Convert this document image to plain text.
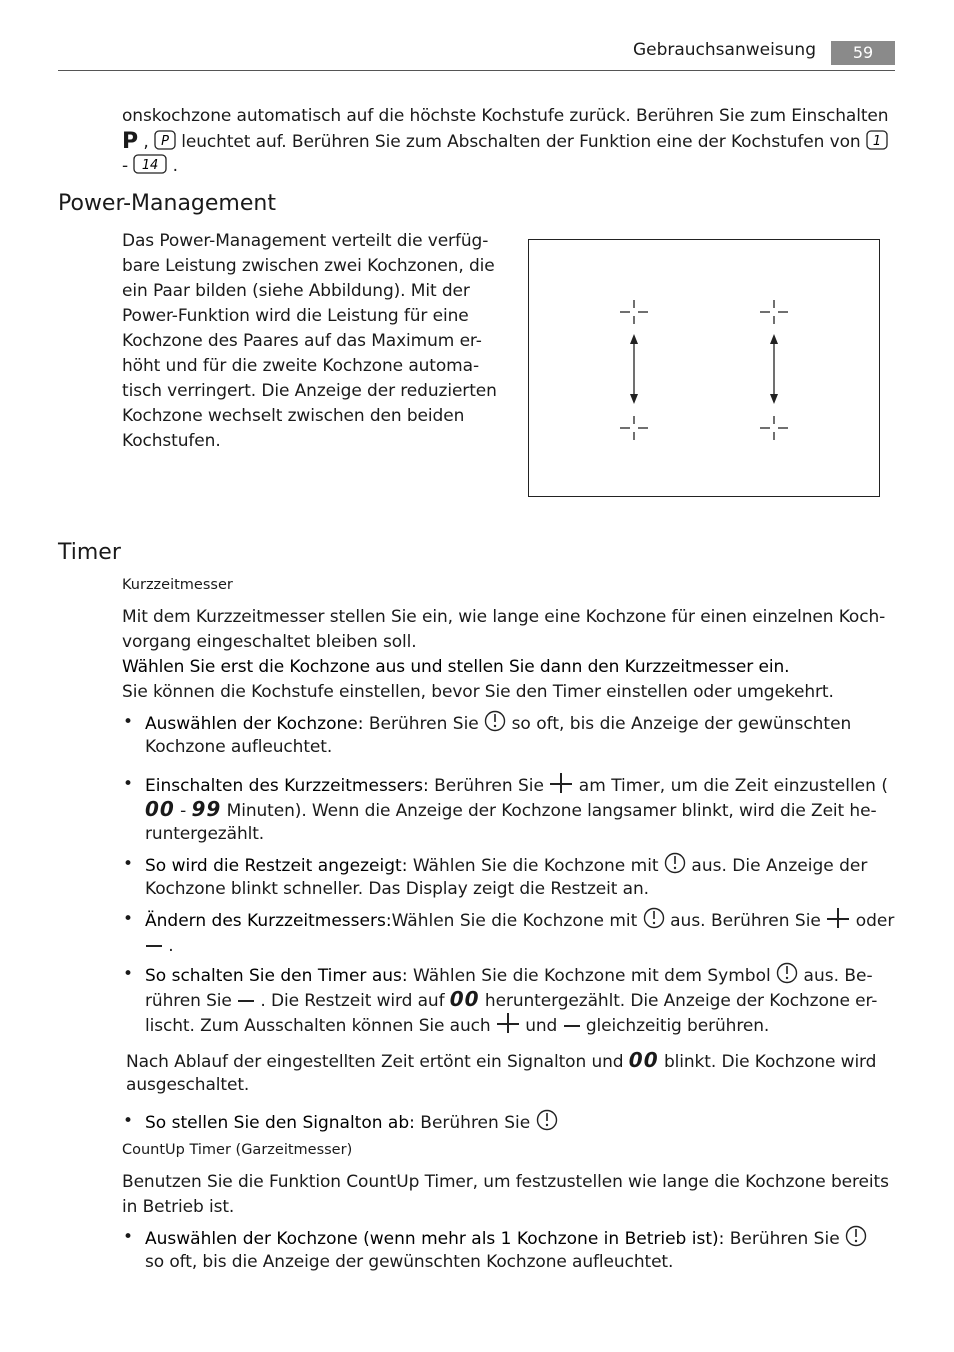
Gebrauchsanweisung	59
onskochzone automatisch auf die höchste Kochstufe zurück. Berühren Sie zum Einschalten
P , P leuchtet auf. Berühren Sie zum Abschalten der Funktion eine der Kochstufen von 1
- 14 .
Power-Management
Das Power-Management verteilt die verfüg-
bare Leistung zwischen zwei Kochzonen, die
ein Paar bilden (siehe Abbildung). Mit der
Power-Funktion wird die Leistung für eine
Kochzone des Paares auf das Maximum er-
höht und für die zweite Kochzone automa-
tisch verringert. Die Anzeige der reduzierten
Kochzone wechselt zwischen den beiden
Kochstufen.
Timer
Kurzzeitmesser
Mit dem Kurzzeitmesser stellen Sie ein, wie lange eine Kochzone für einen einzelnen Koch-
vorgang eingeschaltet bleiben soll.
Wählen Sie erst die Kochzone aus und stellen Sie dann den Kurzzeitmesser ein.
Sie können die Kochstufe einstellen, bevor Sie den Timer einstellen oder umgekehrt.
• Auswählen der Kochzone: Berühren Sie  so oft, bis die Anzeige der gewünschten
Kochzone aufleuchtet.
• Einschalten des Kurzzeitmessers: Berühren Sie  am Timer, um die Zeit einzustellen (
00 - 99 Minuten). Wenn die Anzeige der Kochzone langsamer blinkt, wird die Zeit he-
runtergezählt.
• So wird die Restzeit angezeigt: Wählen Sie die Kochzone mit  aus. Die Anzeige der
Kochzone blinkt schneller. Das Display zeigt die Restzeit an.
• Ändern des Kurzzeitmessers:Wählen Sie die Kochzone mit  aus. Berühren Sie  oder
.
• So schalten Sie den Timer aus: Wählen Sie die Kochzone mit dem Symbol  aus. Be-
rühren Sie  . Die Restzeit wird auf 00 heruntergezählt. Die Anzeige der Kochzone er-
lischt. Zum Ausschalten können Sie auch  und  gleichzeitig berühren.
Nach Ablauf der eingestellten Zeit ertönt ein Signalton und 00 blinkt. Die Kochzone wird
ausgeschaltet.
• So stellen Sie den Signalton ab: Berühren Sie
CountUp Timer (Garzeitmesser)
Benutzen Sie die Funktion CountUp Timer, um festzustellen wie lange die Kochzone bereits
in Betrieb ist.
• Auswählen der Kochzone (wenn mehr als 1 Kochzone in Betrieb ist): Berühren Sie
so oft, bis die Anzeige der gewünschten Kochzone aufleuchtet.
